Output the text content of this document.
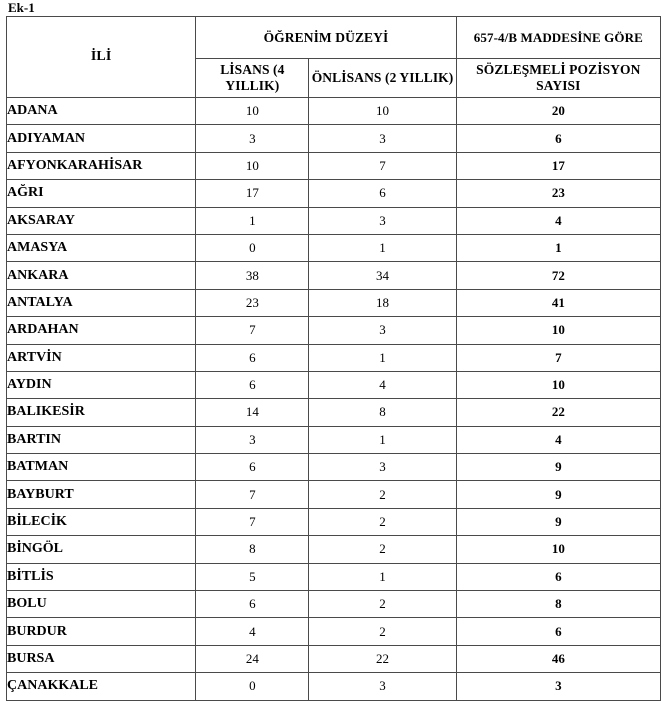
Ek-1
İLİ	ÖĞRENİM DÜZEYİ		657-4/B MADDESİNE GÖRE
	LİSANS (4 YILLIK)	ÖNLİSANS (2 YILLIK)	SÖZLEŞMELİ POZİSYON SAYISI
ADANA	10	10	20
ADIYAMAN	3	3	6
AFYONKARAHİSAR	10	7	17
AĞRI	17	6	23
AKSARAY	1	3	4
AMASYA	0	1	1
ANKARA	38	34	72
ANTALYA	23	18	41
ARDAHAN	7	3	10
ARTVİN	6	1	7
AYDIN	6	4	10
BALIKESİR	14	8	22
BARTIN	3	1	4
BATMAN	6	3	9
BAYBURT	7	2	9
BİLECİK	7	2	9
BİNGÖL	8	2	10
BİTLİS	5	1	6
BOLU	6	2	8
BURDUR	4	2	6
BURSA	24	22	46
ÇANAKKALE	0	3	3
